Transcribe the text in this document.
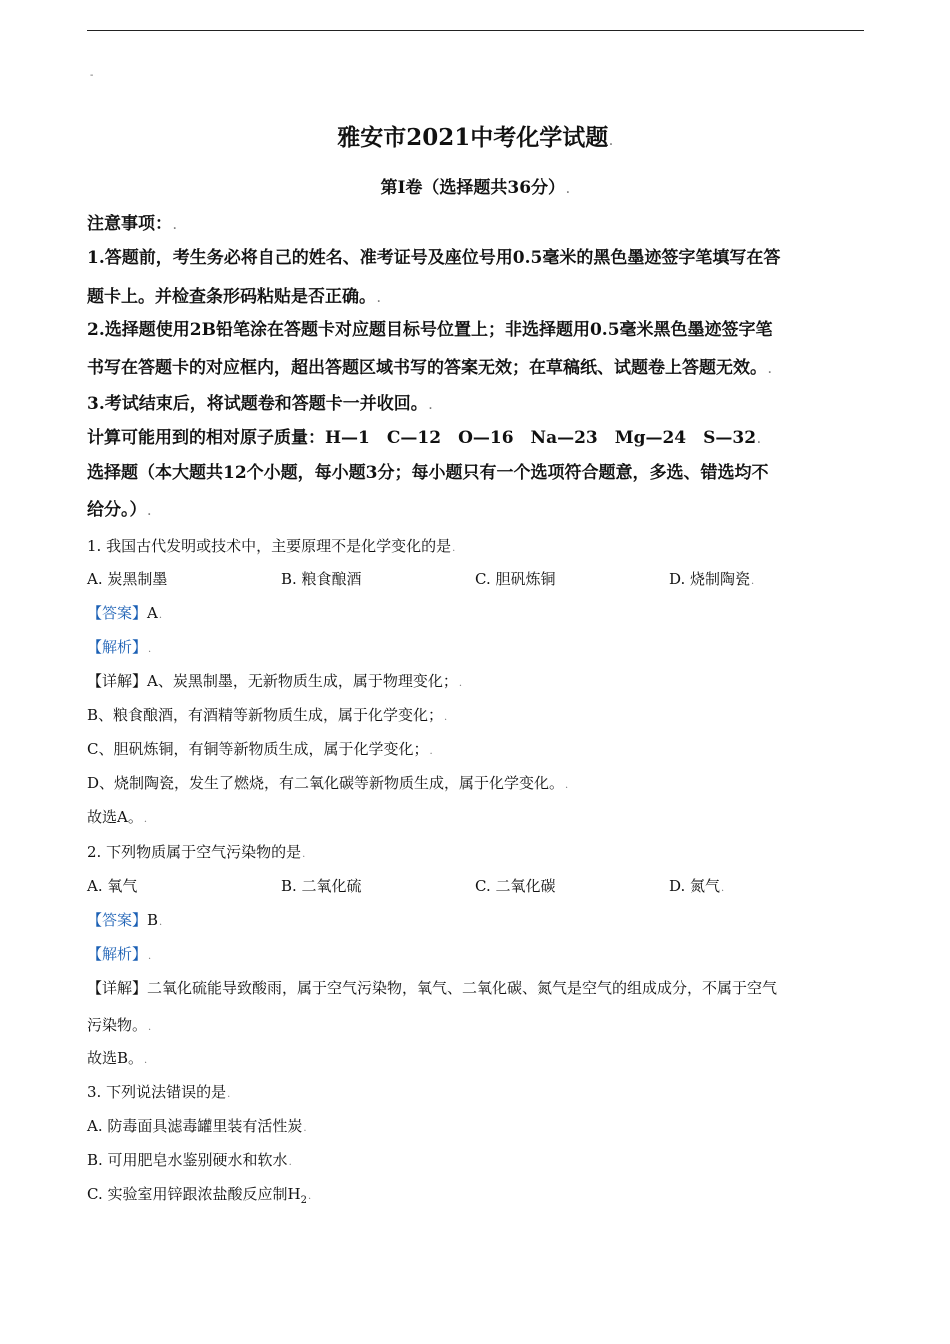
-
雅安市2021中考化学试题.
第Ⅰ卷（选择题共36分）.
注意事项：.
1.答题前，考生务必将自己的姓名、准考证号及座位号用0.5毫米的黑色墨迹签字笔填写在答
题卡上。并检查条形码粘贴是否正确。.
2.选择题使用2B铅笔涂在答题卡对应题目标号位置上；非选择题用0.5毫米黑色墨迹签字笔
书写在答题卡的对应框内，超出答题区域书写的答案无效；在草稿纸、试题卷上答题无效。.
3.考试结束后，将试题卷和答题卡一并收回。.
计算可能用到的相对原子质量：H—1　C—12　O—16　Na—23　Mg—24　S—32.
选择题（本大题共12个小题，每小题3分；每小题只有一个选项符合题意，多选、错选均不
给分。）.
1. 我国古代发明或技术中，主要原理不是化学变化的是.
A. 炭黑制墨	B. 粮食酿酒	C. 胆矾炼铜	D. 烧制陶瓷.
【答案】A.
【解析】.
【详解】A、炭黑制墨，无新物质生成，属于物理变化；.
B、粮食酿酒，有酒精等新物质生成，属于化学变化；.
C、胆矾炼铜，有铜等新物质生成，属于化学变化；.
D、烧制陶瓷，发生了燃烧，有二氧化碳等新物质生成，属于化学变化。.
故选A。.
2. 下列物质属于空气污染物的是.
A. 氧气	B. 二氧化硫	C. 二氧化碳	D. 氮气.
【答案】B.
【解析】.
【详解】二氧化硫能导致酸雨，属于空气污染物，氧气、二氧化碳、氮气是空气的组成成分，不属于空气
污染物。.
故选B。.
3. 下列说法错误的是.
A. 防毒面具滤毒罐里装有活性炭.
B. 可用肥皂水鉴别硬水和软水.
C. 实验室用锌跟浓盐酸反应制$H_2$.
